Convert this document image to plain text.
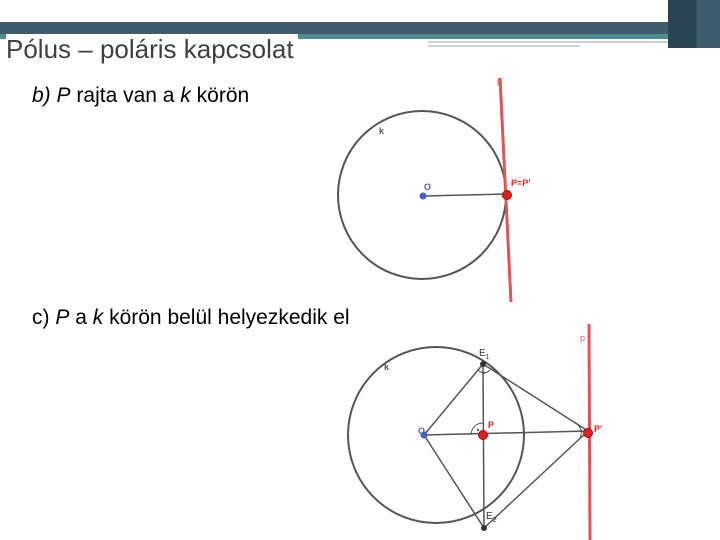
Pólus – poláris kapcsolat
b) P rajta van a k körön
c) P a k körön belül helyezkedik el
p
k
O	P=P'
p
k
O
P	P'
$E_1$
$E_2$
